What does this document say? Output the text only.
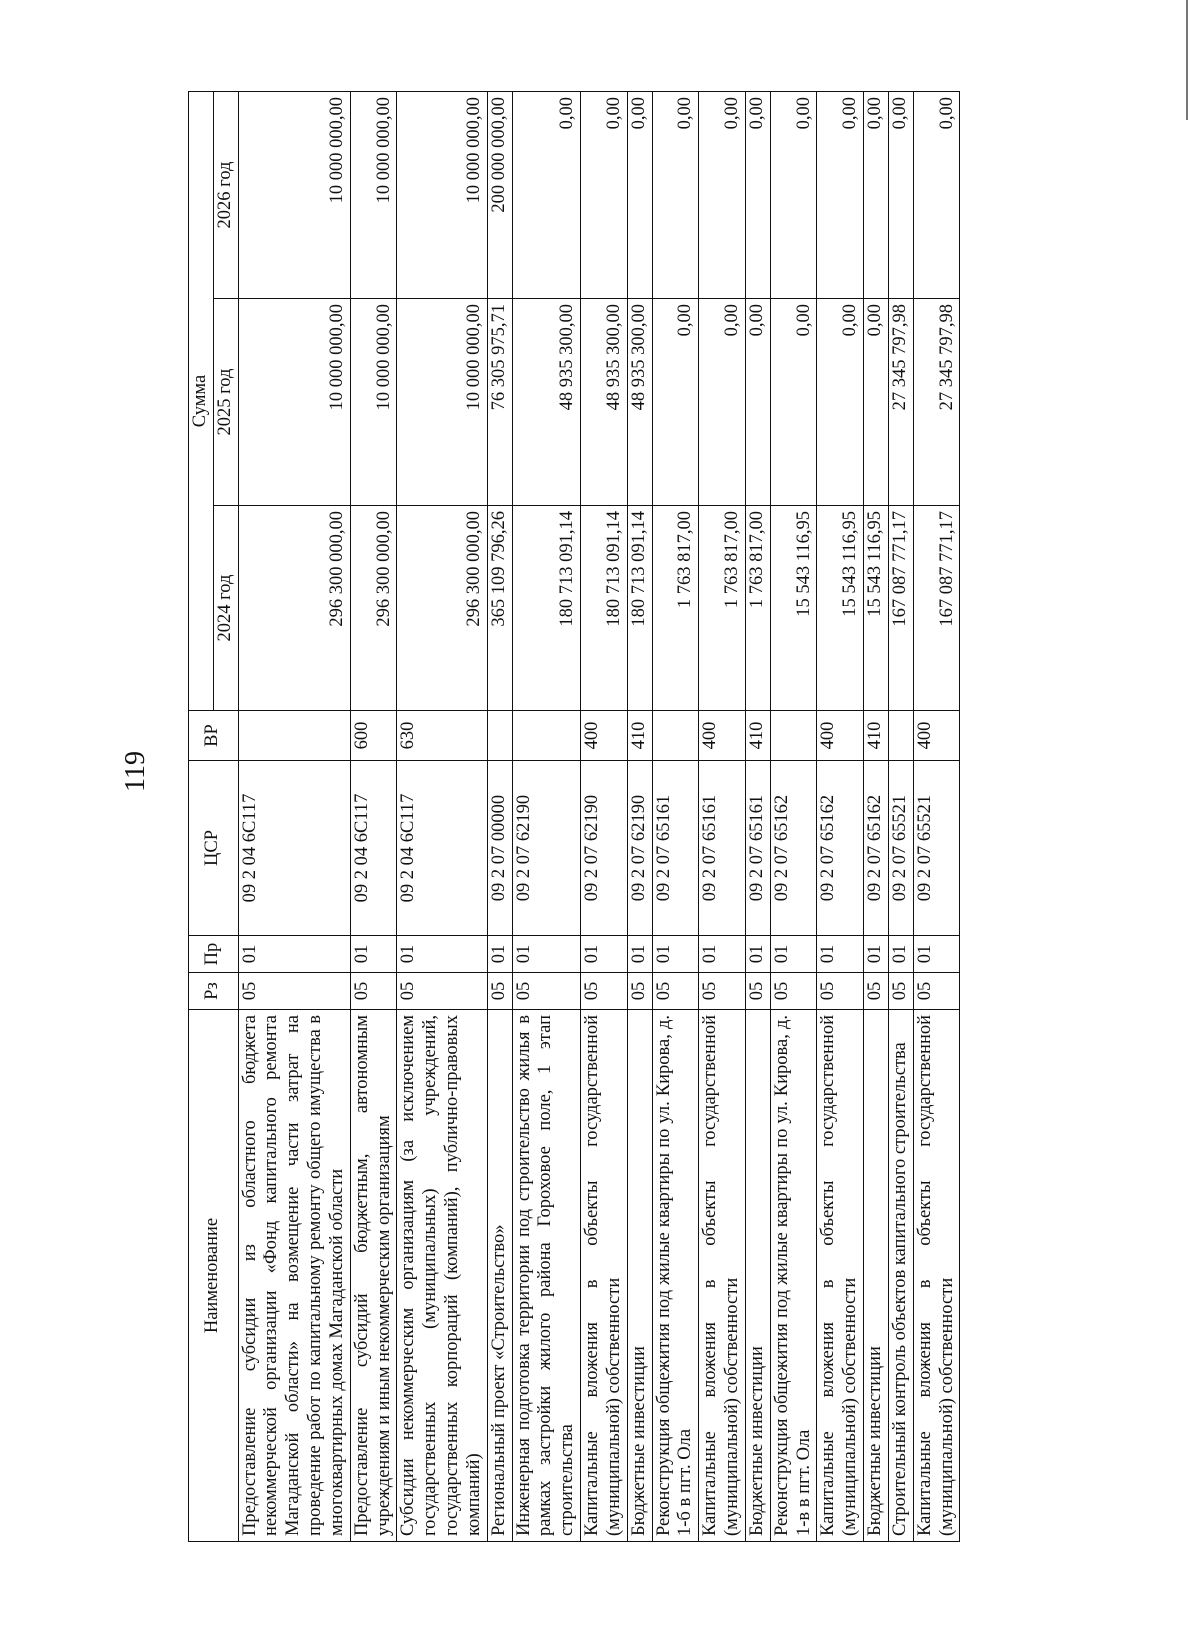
119
Наименование	Рз	Пр	ЦСР	ВР	Сумма		
					2024 год	2025 год	2026 год
Предоставление субсидии из областного бюджета некоммерческой организации «Фонд капитального ремонта Магаданской области» на возмещение части затрат на проведение работ по капитальному ремонту общего имущества в многоквартирных домах Магаданской области	05	01	09 2 04 6С117		296 300 000,00	10 000 000,00	10 000 000,00
Предоставление субсидий бюджетным, автономным учреждениям и иным некоммерческим организациям	05	01	09 2 04 6С117	600	296 300 000,00	10 000 000,00	10 000 000,00
Субсидии некоммерческим организациям (за исключением государственных (муниципальных) учреждений, государственных корпораций (компаний), публично-правовых компаний)	05	01	09 2 04 6С117	630	296 300 000,00	10 000 000,00	10 000 000,00
Региональный проект «Строительство»	05	01	09 2 07 00000		365 109 796,26	76 305 975,71	200 000 000,00
Инженерная подготовка территории под строительство жилья в рамках застройки жилого района Гороховое поле, 1 этап строительства	05	01	09 2 07 62190		180 713 091,14	48 935 300,00	0,00
Капитальные вложения в объекты государственной (муниципальной) собственности	05	01	09 2 07 62190	400	180 713 091,14	48 935 300,00	0,00
Бюджетные инвестиции	05	01	09 2 07 62190	410	180 713 091,14	48 935 300,00	0,00
Реконструкция общежития под жилые квартиры по ул. Кирова, д. 1-б в пгт. Ола	05	01	09 2 07 65161		1 763 817,00	0,00	0,00
Капитальные вложения в объекты государственной (муниципальной) собственности	05	01	09 2 07 65161	400	1 763 817,00	0,00	0,00
Бюджетные инвестиции	05	01	09 2 07 65161	410	1 763 817,00	0,00	0,00
Реконструкция общежития под жилые квартиры по ул. Кирова, д. 1-в в пгт. Ола	05	01	09 2 07 65162		15 543 116,95	0,00	0,00
Капитальные вложения в объекты государственной (муниципальной) собственности	05	01	09 2 07 65162	400	15 543 116,95	0,00	0,00
Бюджетные инвестиции	05	01	09 2 07 65162	410	15 543 116,95	0,00	0,00
Строительный контроль объектов капитального строительства	05	01	09 2 07 65521		167 087 771,17	27 345 797,98	0,00
Капитальные вложения в объекты государственной (муниципальной) собственности	05	01	09 2 07 65521	400	167 087 771,17	27 345 797,98	0,00
